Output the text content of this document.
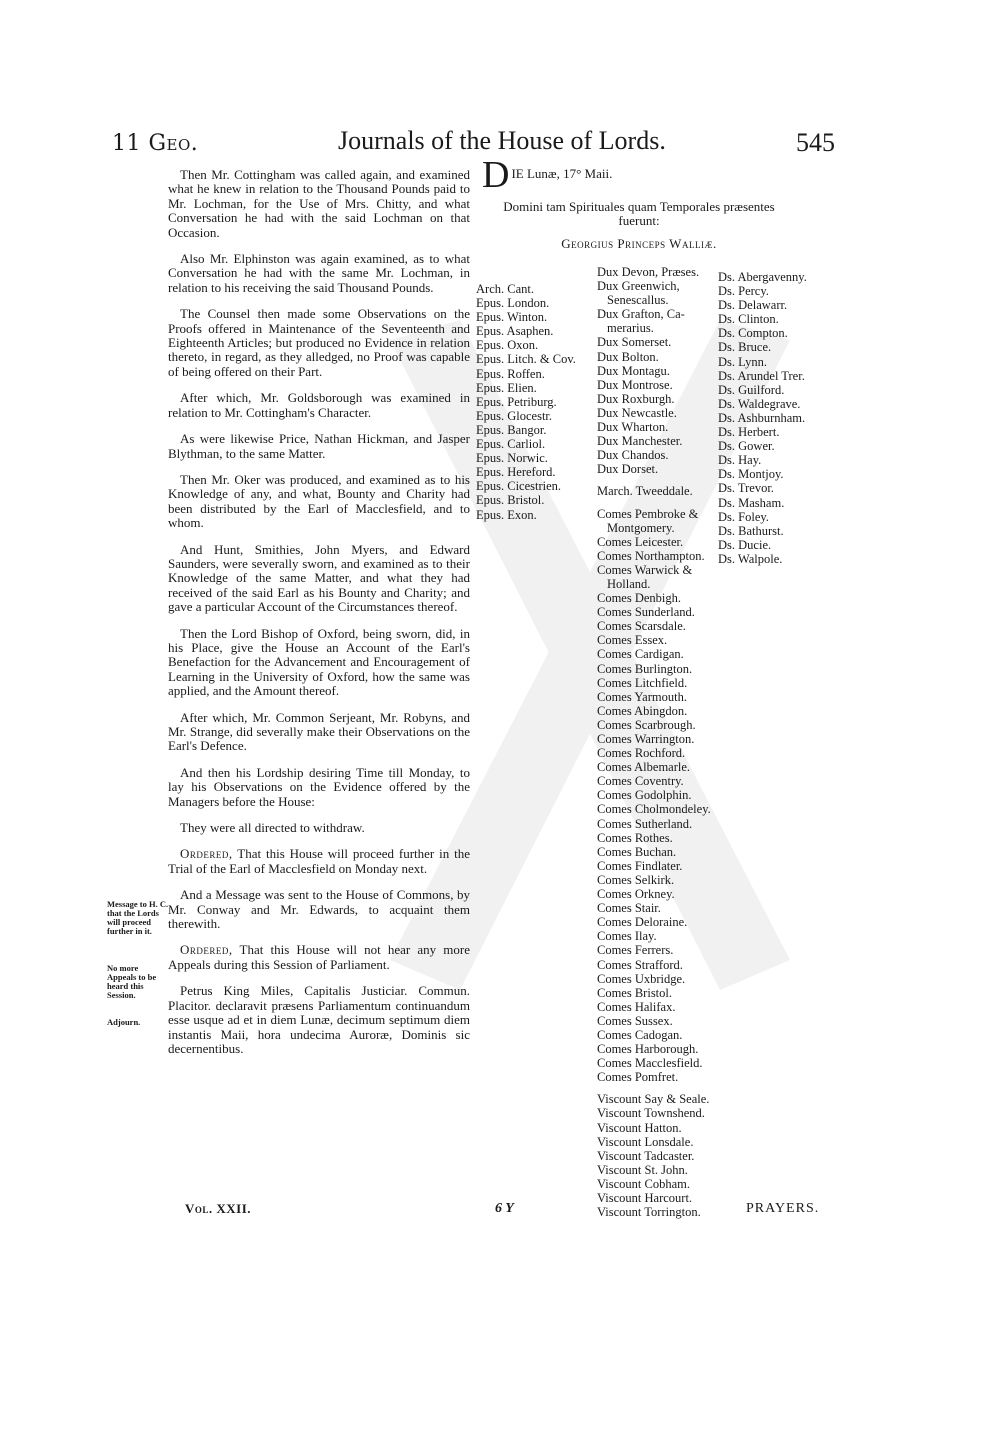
11 Geo.	Journals of the House of Lords.	545

Then Mr. Cottingham was called again, and examined what he knew in relation to the Thousand Pounds paid to Mr. Lochman, for the Use of Mrs. Chitty, and what Conversation he had with the said Lochman on that Occasion.

Also Mr. Elphinston was again examined, as to what Conversation he had with the same Mr. Lochman, in relation to his receiving the said Thousand Pounds.

The Counsel then made some Observations on the Proofs offered in Maintenance of the Seventeenth and Eighteenth Articles; but produced no Evidence in relation thereto, in regard, as they alledged, no Proof was capable of being offered on their Part.

After which, Mr. Goldsborough was examined in relation to Mr. Cottingham's Character.

As were likewise Price, Nathan Hickman, and Jasper Blythman, to the same Matter.

Then Mr. Oker was produced, and examined as to his Knowledge of any, and what, Bounty and Charity had been distributed by the Earl of Macclesfield, and to whom.

And Hunt, Smithies, John Myers, and Edward Saunders, were severally sworn, and examined as to their Knowledge of the same Matter, and what they had received of the said Earl as his Bounty and Charity; and gave a particular Account of the Circumstances thereof.

Then the Lord Bishop of Oxford, being sworn, did, in his Place, give the House an Account of the Earl's Benefaction for the Advancement and Encouragement of Learning in the University of Oxford, how the same was applied, and the Amount thereof.

After which, Mr. Common Serjeant, Mr. Robyns, and Mr. Strange, did severally make their Observations on the Earl's Defence.

And then his Lordship desiring Time till Monday, to lay his Observations on the Evidence offered by the Managers before the House:

They were all directed to withdraw.

Ordered, That this House will proceed further in the Trial of the Earl of Macclesfield on Monday next.

And a Message was sent to the House of Commons, by Mr. Conway and Mr. Edwards, to acquaint them therewith.

Ordered, That this House will not hear any more Appeals during this Session of Parliament.

Petrus King Miles, Capitalis Justiciar. Commun. Placitor. declaravit præsens Parliamentum continuandum esse usque ad et in diem Lunæ, decimum septimum diem instantis Maii, hora undecima Auroræ, Dominis sic decernentibus.

Message to H. C. that the Lords will proceed further in it.
No more Appeals to be heard this Session.
Adjourn.
D IE Lunæ, 17° Maii.
Domini tam Spirituales quam Temporales præsentes fuerunt:
Georgius Princeps Walliæ.
Arch. Cant.
Epus. London.
Epus. Winton.
Epus. Asaphen.
Epus. Oxon.
Epus. Litch. & Cov.
Epus. Roffen.
Epus. Elien.
Epus. Petriburg.
Epus. Glocestr.
Epus. Bangor.
Epus. Carliol.
Epus. Norwic.
Epus. Hereford.
Epus. Cicestrien.
Epus. Bristol.
Epus. Exon.
Dux Devon, Præses.
Dux Greenwich,
Senescallus.
Dux Grafton, Ca-
merarius.
Dux Somerset.
Dux Bolton.
Dux Montagu.
Dux Montrose.
Dux Roxburgh.
Dux Newcastle.
Dux Wharton.
Dux Manchester.
Dux Chandos.
Dux Dorset.
March. Tweeddale.
Comes Pembroke &
Montgomery.
Comes Leicester.
Comes Northampton.
Comes Warwick &
Holland.
Comes Denbigh.
Comes Sunderland.
Comes Scarsdale.
Comes Essex.
Comes Cardigan.
Comes Burlington.
Comes Litchfield.
Comes Yarmouth.
Comes Abingdon.
Comes Scarbrough.
Comes Warrington.
Comes Rochford.
Comes Albemarle.
Comes Coventry.
Comes Godolphin.
Comes Cholmondeley.
Comes Sutherland.
Comes Rothes.
Comes Buchan.
Comes Findlater.
Comes Selkirk.
Comes Orkney.
Comes Stair.
Comes Deloraine.
Comes Ilay.
Comes Ferrers.
Comes Strafford.
Comes Uxbridge.
Comes Bristol.
Comes Halifax.
Comes Sussex.
Comes Cadogan.
Comes Harborough.
Comes Macclesfield.
Comes Pomfret.
Viscount Say & Seale.
Viscount Townshend.
Viscount Hatton.
Viscount Lonsdale.
Viscount Tadcaster.
Viscount St. John.
Viscount Cobham.
Viscount Harcourt.
Viscount Torrington.
Ds. Abergavenny.
Ds. Percy.
Ds. Delawarr.
Ds. Clinton.
Ds. Compton.
Ds. Bruce.
Ds. Lynn.
Ds. Arundel Trer.
Ds. Guilford.
Ds. Waldegrave.
Ds. Ashburnham.
Ds. Herbert.
Ds. Gower.
Ds. Hay.
Ds. Montjoy.
Ds. Trevor.
Ds. Masham.
Ds. Foley.
Ds. Bathurst.
Ds. Ducie.
Ds. Walpole.
Vol. XXII.	6 Y	PRAYERS.
